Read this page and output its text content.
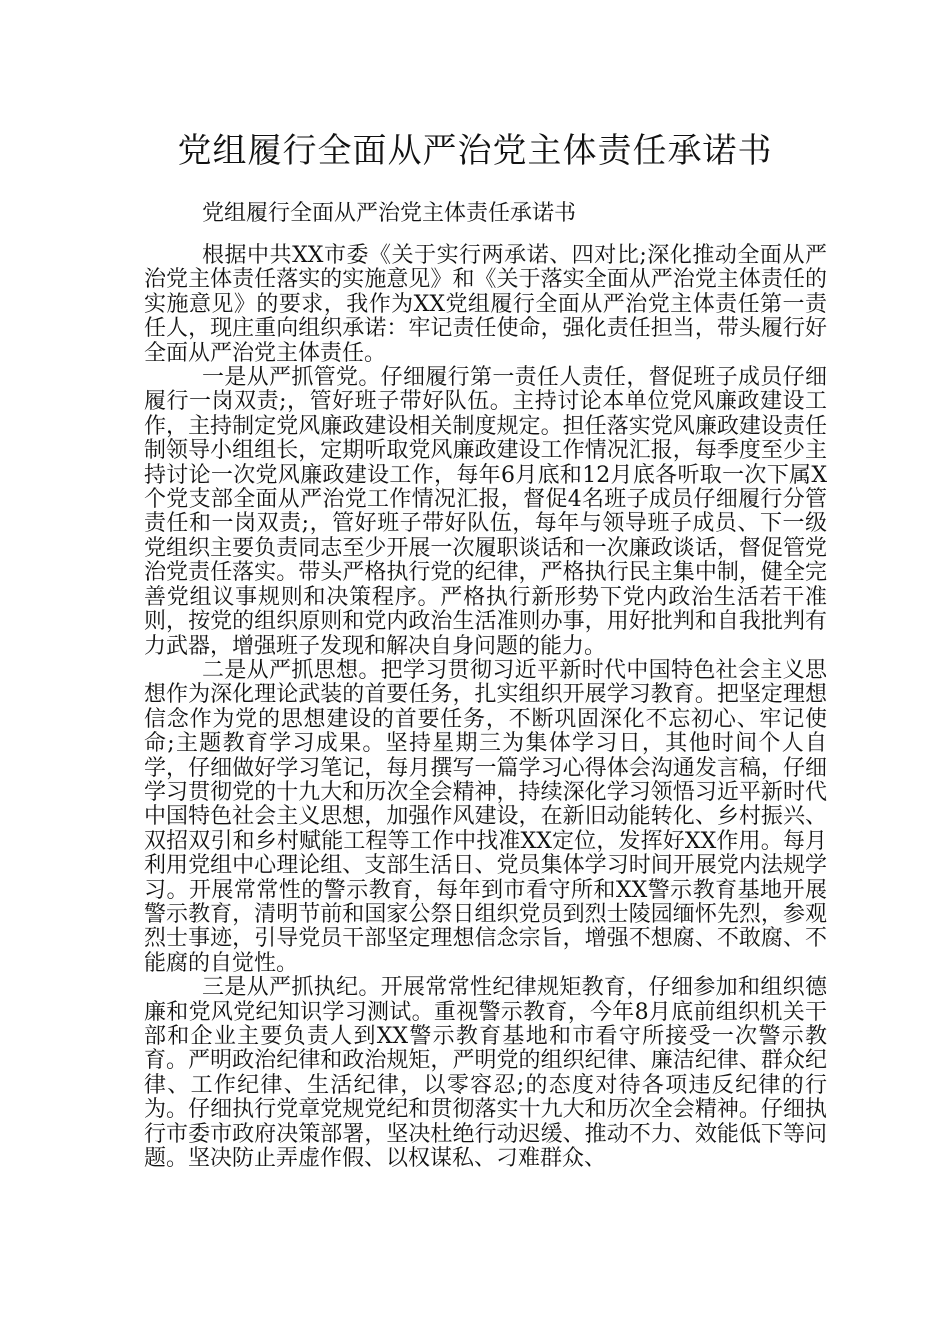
党组履行全面从严治党主体责任承诺书
党组履行全面从严治党主体责任承诺书

根据中共XX市委《关于实行两承诺、四对比;深化推动全面从严治党主体责任落实的实施意见》和《关于落实全面从严治党主体责任的实施意见》的要求，我作为XX党组履行全面从严治党主体责任第一责任人，现庄重向组织承诺：牢记责任使命，强化责任担当，带头履行好全面从严治党主体责任。

一是从严抓管党。仔细履行第一责任人责任，督促班子成员仔细履行一岗双责;，管好班子带好队伍。主持讨论本单位党风廉政建设工作，主持制定党风廉政建设相关制度规定。担任落实党风廉政建设责任制领导小组组长，定期听取党风廉政建设工作情况汇报，每季度至少主持讨论一次党风廉政建设工作，每年6月底和12月底各听取一次下属X个党支部全面从严治党工作情况汇报，督促4名班子成员仔细履行分管责任和一岗双责;，管好班子带好队伍，每年与领导班子成员、下一级党组织主要负责同志至少开展一次履职谈话和一次廉政谈话，督促管党治党责任落实。带头严格执行党的纪律，严格执行民主集中制，健全完善党组议事规则和决策程序。严格执行新形势下党内政治生活若干准则，按党的组织原则和党内政治生活准则办事，用好批判和自我批判有力武器，增强班子发现和解决自身问题的能力。

二是从严抓思想。把学习贯彻习近平新时代中国特色社会主义思想作为深化理论武装的首要任务，扎实组织开展学习教育。把坚定理想信念作为党的思想建设的首要任务，不断巩固深化不忘初心、牢记使命;主题教育学习成果。坚持星期三为集体学习日，其他时间个人自学，仔细做好学习笔记，每月撰写一篇学习心得体会沟通发言稿，仔细学习贯彻党的十九大和历次全会精神，持续深化学习领悟习近平新时代中国特色社会主义思想，加强作风建设，在新旧动能转化、乡村振兴、双招双引和乡村赋能工程等工作中找准XX定位，发挥好XX作用。每月利用党组中心理论组、支部生活日、党员集体学习时间开展党内法规学习。开展常常性的警示教育，每年到市看守所和XX警示教育基地开展警示教育，清明节前和国家公祭日组织党员到烈士陵园缅怀先烈，参观烈士事迹，引导党员干部坚定理想信念宗旨，增强不想腐、不敢腐、不能腐的自觉性。

三是从严抓执纪。开展常常性纪律规矩教育，仔细参加和组织德廉和党风党纪知识学习测试。重视警示教育，今年8月底前组织机关干部和企业主要负责人到XX警示教育基地和市看守所接受一次警示教育。严明政治纪律和政治规矩，严明党的组织纪律、廉洁纪律、群众纪律、工作纪律、生活纪律，以零容忍;的态度对待各项违反纪律的行为。仔细执行党章党规党纪和贯彻落实十九大和历次全会精神。仔细执行市委市政府决策部署，坚决杜绝行动迟缓、推动不力、效能低下等问题。坚决防止弄虚作假、以权谋私、刁难群众、
